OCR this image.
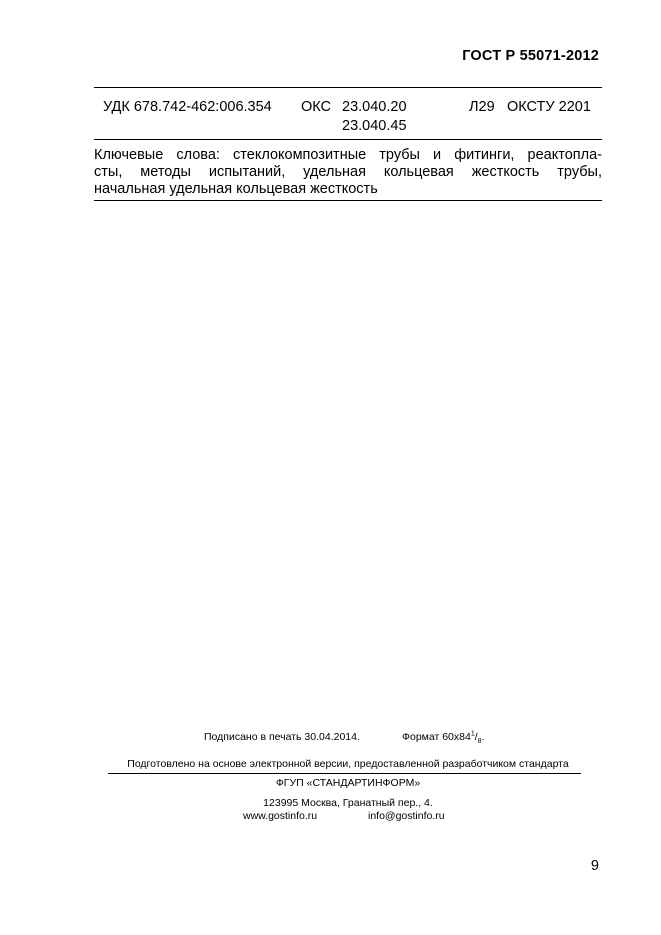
ГОСТ Р 55071-2012
УДК 678.742-462:006.354 ОКС 23.040.20
23.040.45
Л29 ОКСТУ 2201
Ключевые слова: стеклокомпозитные трубы и фитинги, реактопла-
сты, методы испытаний, удельная кольцевая жесткость трубы,
начальная удельная кольцевая жесткость
Подписано в печать 30.04.2014.	Формат $60х84^1/_8$.
Подготовлено на основе электронной версии, предоставленной разработчиком стандарта
ФГУП «СТАНДАРТИНФОРМ»
123995 Москва, Гранатный пер., 4.
www.gostinfo.ru	info@gostinfo.ru
9
